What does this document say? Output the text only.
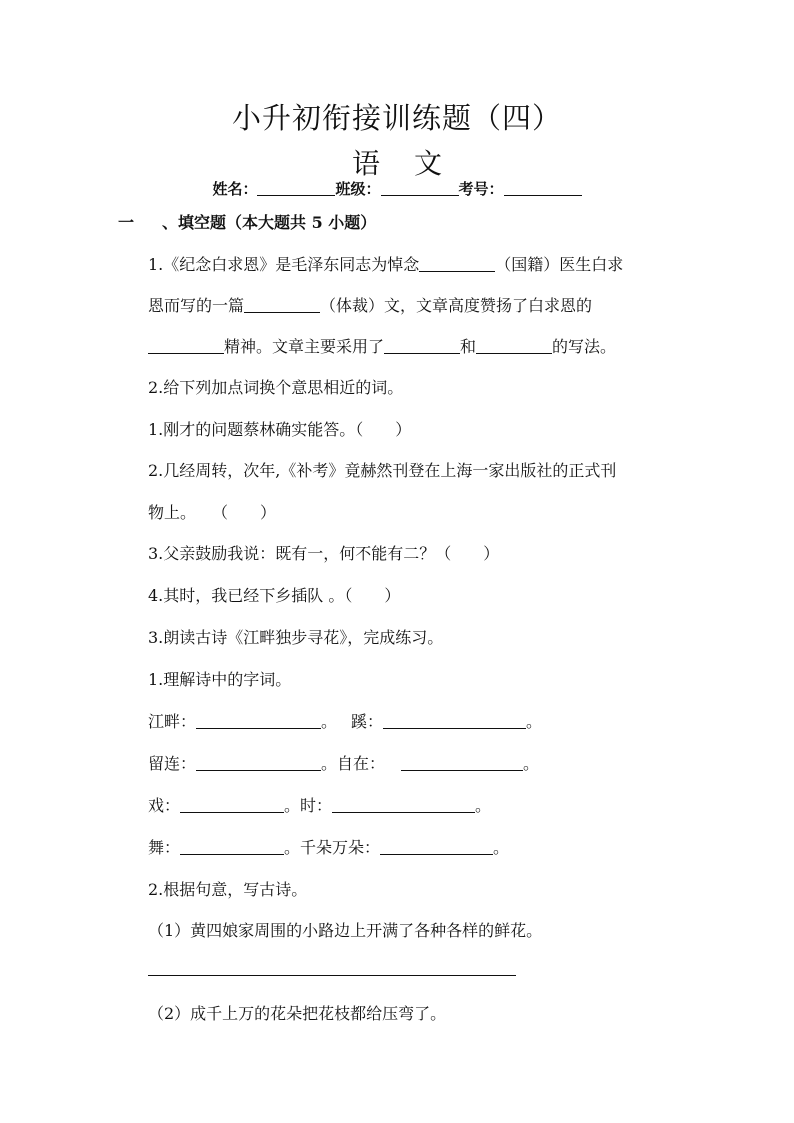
小升初衔接训练题（四）
语 文
姓名：	班级：	考号：
一 、填空题（本大题共 5 小题）
1.《纪念白求恩》是毛泽东同志为悼念	（国籍）医生白求
恩而写的一篇	（体裁）文，文章高度赞扬了白求恩的
精神。文章主要采用了	和	的写法。
2.给下列加点词换个意思相近的词。
1.刚才的问题蔡林确实能答。（　　）
2.几经周转，次年,《补考》竟赫然刊登在上海一家出版社的正式刊
物上。　　（　　）
3.父亲鼓励我说：既有一，何不能有二？（　　）
4.其时，我已经下乡插队 。（　　）
3.朗读古诗《江畔独步寻花》，完成练习。
1.理解诗中的字词。
江畔：	。 蹊：	。
留连：	。自在：	。
戏：	。时：	。
舞：	。千朵万朵：	。
2.根据句意，写古诗。
（1）黄四娘家周围的小路边上开满了各种各样的鲜花。
（2）成千上万的花朵把花枝都给压弯了。
